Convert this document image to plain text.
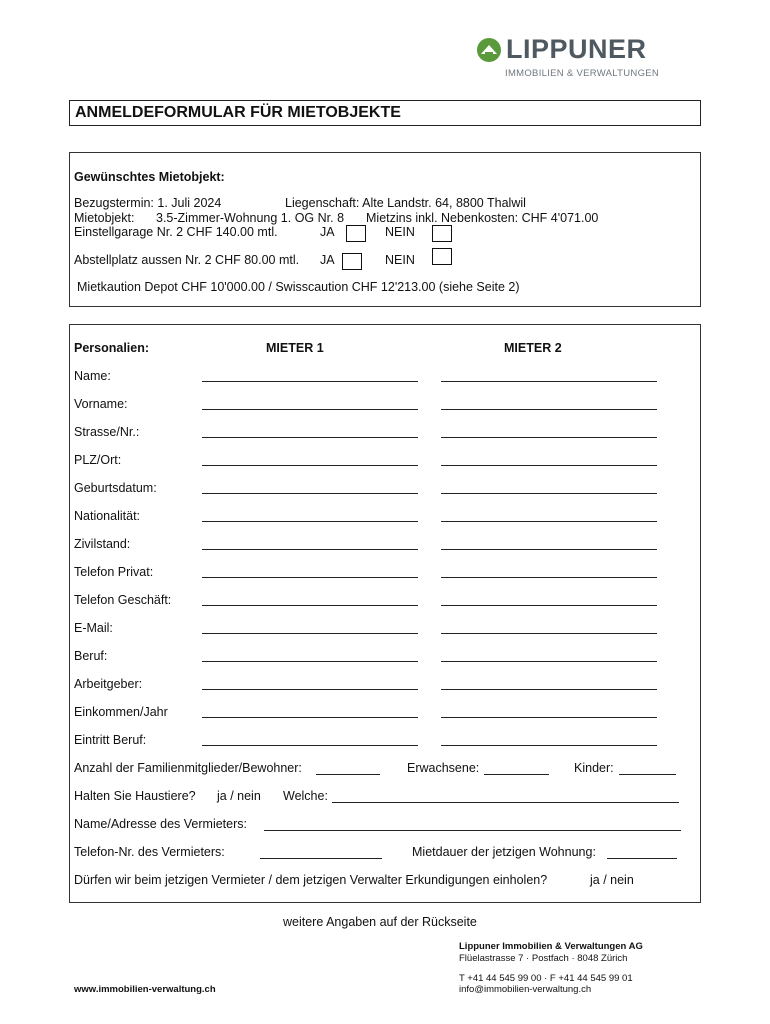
LIPPUNER
IMMOBILIEN & VERWALTUNGEN
ANMELDEFORMULAR FÜR MIETOBJEKTE
Gewünschtes Mietobjekt:
Bezugstermin: 1. Juli 2024	Liegenschaft: Alte Landstr. 64, 8800 Thalwil
Mietobjekt: 3.5-Zimmer-Wohnung 1. OG Nr. 8 Mietzins inkl. Nebenkosten: CHF 4'071.00
Einstellgarage Nr. 2 CHF 140.00 mtl.	JA	NEIN
Abstellplatz aussen Nr. 2 CHF 80.00 mtl. JA	NEIN
Mietkaution Depot CHF 10'000.00 / Swisscaution CHF 12'213.00 (siehe Seite 2)
Personalien:	MIETER 1	MIETER 2
Name:
Vorname:
Strasse/Nr.:
PLZ/Ort:
Geburtsdatum:
Nationalität:
Zivilstand:
Telefon Privat:
Telefon Geschäft:
E-Mail:
Beruf:
Arbeitgeber:
Einkommen/Jahr
Eintritt Beruf:
Anzahl der Familienmitglieder/Bewohner:	Erwachsene:	Kinder:
Halten Sie Haustiere? ja / nein Welche:
Name/Adresse des Vermieters:
Telefon-Nr. des Vermieters:	Mietdauer der jetzigen Wohnung:
Dürfen wir beim jetzigen Vermieter / dem jetzigen Verwalter Erkundigungen einholen?	ja / nein
weitere Angaben auf der Rückseite
Lippuner Immobilien & Verwaltungen AG
Flüelastrasse 7 · Postfach · 8048 Zürich
T +41 44 545 99 00 · F +41 44 545 99 01
info@immobilien-verwaltung.ch
www.immobilien-verwaltung.ch
